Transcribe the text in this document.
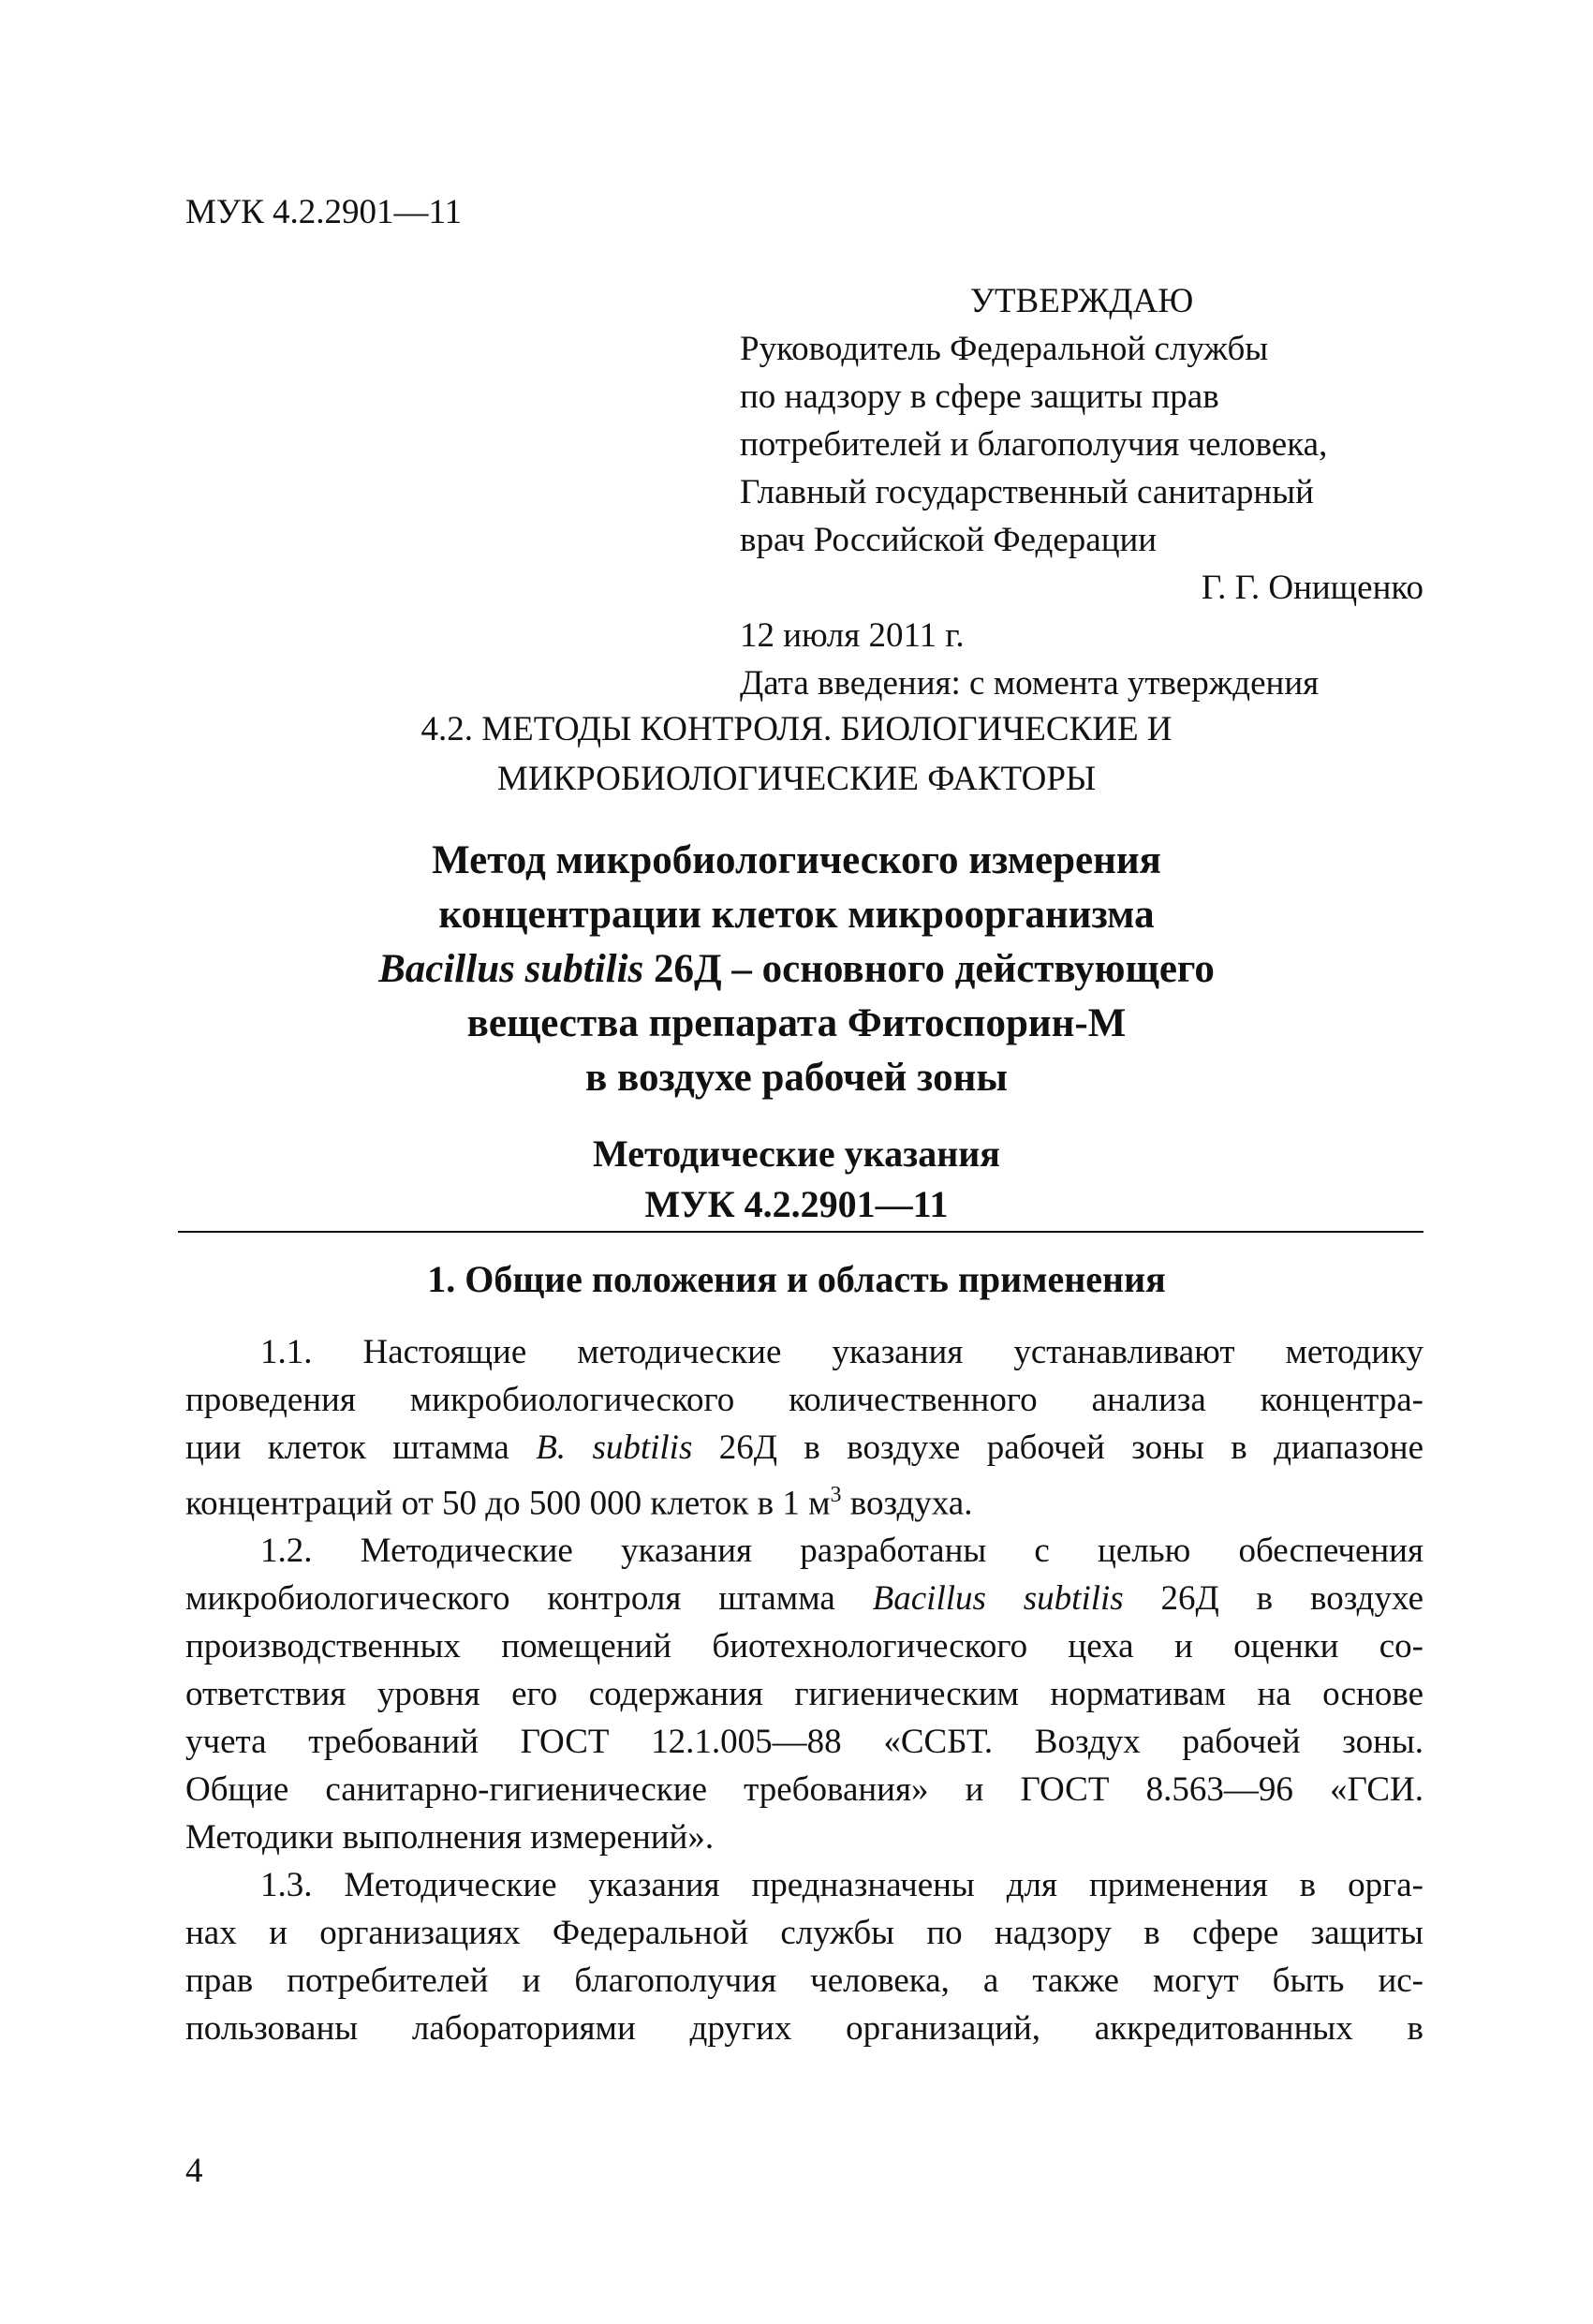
МУК 4.2.2901—11
УТВЕРЖДАЮ
Руководитель Федеральной службы
по надзору в сфере защиты прав
потребителей и благополучия человека,
Главный государственный санитарный
врач Российской Федерации
Г. Г. Онищенко
12 июля 2011 г.
Дата введения: с момента утверждения
4.2. МЕТОДЫ КОНТРОЛЯ. БИОЛОГИЧЕСКИЕ И
МИКРОБИОЛОГИЧЕСКИЕ ФАКТОРЫ
Метод микробиологического измерения
концентрации клеток микроорганизма
Bacillus subtilis 26Д – основного действующего
вещества препарата Фитоспорин-М
в воздухе рабочей зоны
Методические указания
МУК 4.2.2901—11
1. Общие положения и область применения
1.1. Настоящие методические указания устанавливают методику
проведения микробиологического количественного анализа концентра-
ции клеток штамма B. subtilis 26Д в воздухе рабочей зоны в диапазоне
концентраций от 50 до 500 000 клеток в 1 $м^3$ воздуха.
1.2. Методические указания разработаны с целью обеспечения
микробиологического контроля штамма Bacillus subtilis 26Д в воздухе
производственных помещений биотехнологического цеха и оценки со-
ответствия уровня его содержания гигиеническим нормативам на основе
учета требований ГОСТ 12.1.005—88 «ССБТ. Воздух рабочей зоны.
Общие санитарно-гигиенические требования» и ГОСТ 8.563—96 «ГСИ.
Методики выполнения измерений».
1.3. Методические указания предназначены для применения в орга-
нах и организациях Федеральной службы по надзору в сфере защиты
прав потребителей и благополучия человека, а также могут быть ис-
пользованы лабораториями других организаций, аккредитованных в
4
